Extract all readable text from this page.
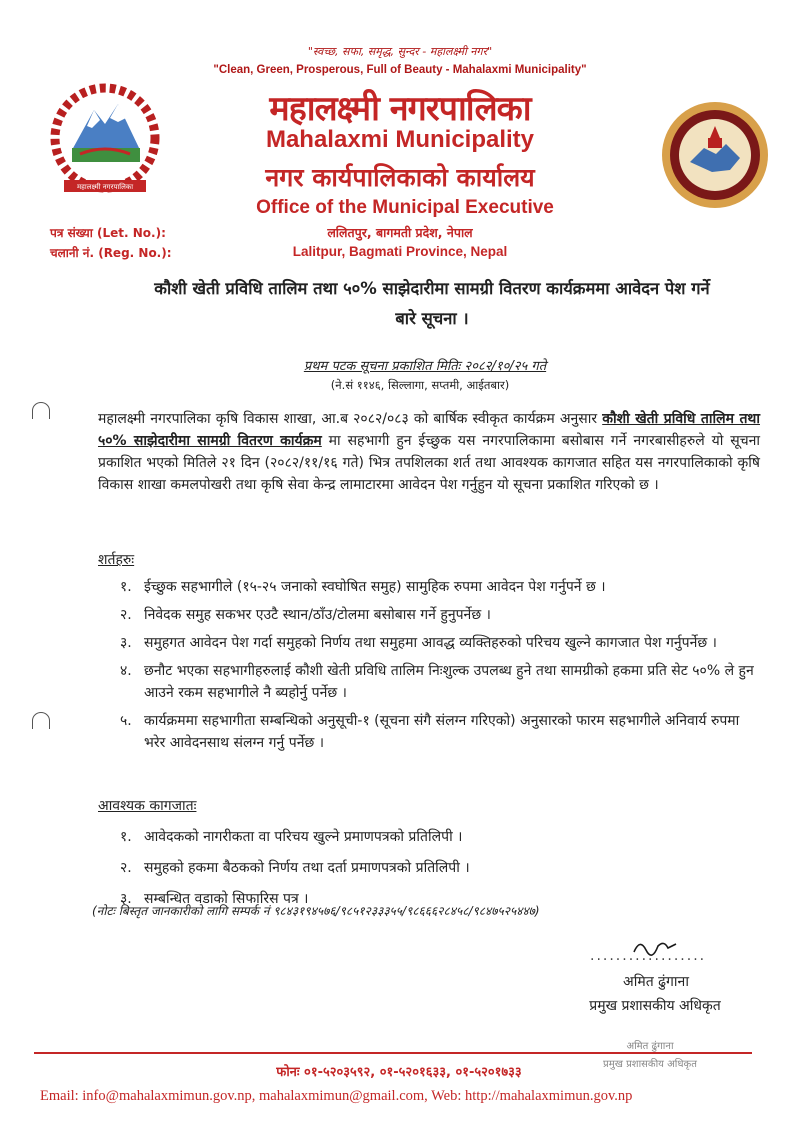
महालक्ष्मी नगरपालिका
"स्वच्छ, सफा, समृद्ध, सुन्दर - महालक्ष्मी नगर"
"Clean, Green, Prosperous, Full of Beauty - Mahalaxmi Municipality"
महालक्ष्मी नगरपालिका
Mahalaxmi Municipality
नगर कार्यपालिकाको कार्यालय
Office of the Municipal Executive
ललितपुर, बागमती प्रदेश, नेपाल
Lalitpur, Bagmati Province, Nepal
पत्र संख्या (Let. No.):
चलानी नं. (Reg. No.):
कौशी खेती प्रविधि तालिम तथा ५०% साझेदारीमा सामग्री वितरण कार्यक्रममा आवेदन पेश गर्ने
बारे सूचना ।
प्रथम पटक सूचना प्रकाशित मितिः २०८२/१०/२५ गते
(ने.सं ११४६, सिल्लागा, सप्तमी, आईतबार)
महालक्ष्मी नगरपालिका कृषि विकास शाखा, आ.ब २०८२/०८३ को बार्षिक स्वीकृत कार्यक्रम अनुसार कौशी खेती प्रविधि तालिम तथा ५०% साझेदारीमा सामग्री वितरण कार्यक्रम मा सहभागी हुन ईच्छुक यस नगरपालिकामा बसोबास गर्ने नगरबासीहरुले यो सूचना प्रकाशित भएको मितिले २१ दिन (२०८२/११/१६ गते) भित्र तपशिलका शर्त तथा आवश्यक कागजात सहित यस नगरपालिकाको कृषि विकास शाखा कमलपोखरी तथा कृषि सेवा केन्द्र लामाटारमा आवेदन पेश गर्नुहुन यो सूचना प्रकाशित गरिएको छ ।
शर्तहरुः
१. ईच्छुक सहभागीले (१५-२५ जनाको स्वघोषित समुह) सामुहिक रुपमा आवेदन पेश गर्नुपर्ने छ ।
२. निवेदक समुह सकभर एउटै स्थान/ठाँउ/टोलमा बसोबास गर्ने हुनुपर्नेछ ।
३. समुहगत आवेदन पेश गर्दा समुहको निर्णय तथा समुहमा आवद्ध व्यक्तिहरुको परिचय खुल्ने कागजात पेश गर्नुपर्नेछ ।
४. छनौट भएका सहभागीहरुलाई कौशी खेती प्रविधि तालिम निःशुल्क उपलब्ध हुने तथा सामग्रीको हकमा प्रति सेट ५०% ले हुन आउने रकम सहभागीले नै ब्यहोर्नु पर्नेछ ।
५. कार्यक्रममा सहभागीता सम्बन्धिको अनुसूची-१ (सूचना संगै संलग्न गरिएको) अनुसारको फारम सहभागीले अनिवार्य रुपमा भरेर आवेदनसाथ संलग्न गर्नु पर्नेछ ।
आवश्यक कागजातः
१. आवेदकको नागरीकता वा परिचय खुल्ने प्रमाणपत्रको प्रतिलिपी ।
२. समुहको हकमा बैठकको निर्णय तथा दर्ता प्रमाणपत्रको प्रतिलिपी ।
३. सम्बन्धित वडाको सिफारिस पत्र ।
(नोटः बिस्तृत जानकारीको लागि सम्पर्क नं ९८४३१९४५७६/९८५१२३३३५५/९८६६६२८४५८/९८४७५२५४४७)
..................
अमित ढुंगाना
प्रमुख प्रशासकीय अधिकृत
अमित ढुंगाना
प्रमुख प्रशासकीय अधिकृत
फोनः ०१-५२०३५९२, ०१-५२०१६३३, ०१-५२०१७३३
Email: info@mahalaxmimun.gov.np, mahalaxmimun@gmail.com, Web: http://mahalaxmimun.gov.np
